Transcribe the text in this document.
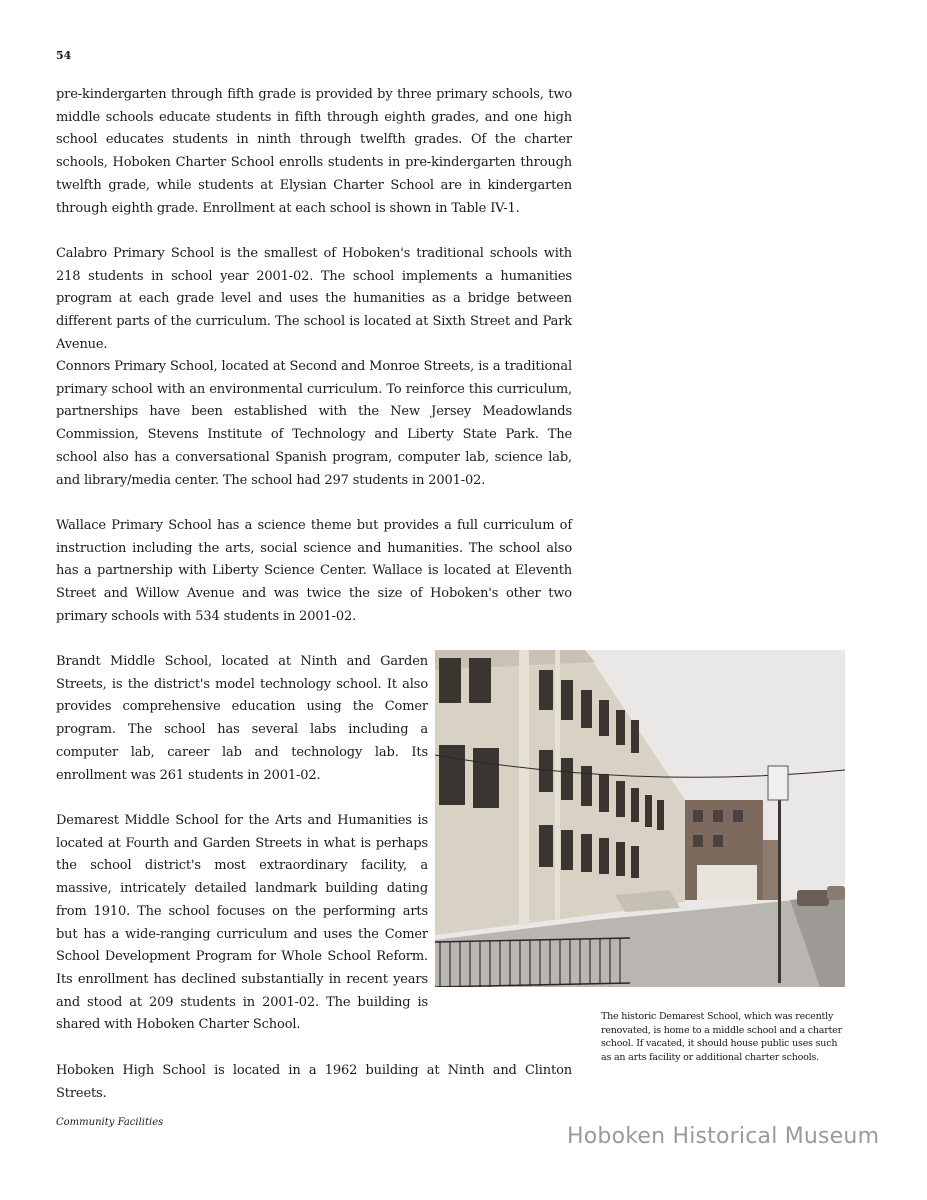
54

pre-kindergarten through fifth grade is provided by three primary schools, two middle schools educate students in fifth through eighth grades, and one high school educates students in ninth through twelfth grades. Of the charter schools, Hoboken Charter School enrolls students in pre-kindergarten through twelfth grade, while students at Elysian Charter School are in kindergarten through eighth grade. Enrollment at each school is shown in Table IV-1.

Calabro Primary School is the smallest of Hoboken's traditional schools with 218 students in school year 2001-02. The school implements a humanities program at each grade level and uses the humanities as a bridge between different parts of the curriculum. The school is located at Sixth Street and Park Avenue.

Connors Primary School, located at Second and Monroe Streets, is a traditional primary school with an environmental curriculum. To reinforce this curriculum, partnerships have been established with the New Jersey Meadowlands Commission, Stevens Institute of Technology and Liberty State Park. The school also has a conversational Spanish program, computer lab, science lab, and library/media center. The school had 297 students in 2001-02.

Wallace Primary School has a science theme but provides a full curriculum of instruction including the arts, social science and humanities. The school also has a partnership with Liberty Science Center. Wallace is located at Eleventh Street and Willow Avenue and was twice the size of Hoboken's other two primary schools with 534 students in 2001-02.

Brandt Middle School, located at Ninth and Garden Streets, is the district's model technology school. It also provides comprehensive education using the Comer program. The school has several labs including a computer lab, career lab and technology lab. Its enrollment was 261 students in 2001-02.

Demarest Middle School for the Arts and Humanities is located at Fourth and Garden Streets in what is perhaps the school district's most extraordinary facility, a massive, intricately detailed landmark building dating from 1910. The school focuses on the performing arts but has a wide-ranging curriculum and uses the Comer School Development Program for Whole School Reform. Its enrollment has declined substantially in recent years and stood at 209 students in 2001-02. The building is shared with Hoboken Charter School.

Hoboken High School is located in a 1962 building at Ninth and Clinton Streets.

The historic Demarest School, which was recently renovated, is home to a middle school and a charter school. If vacated, it should house public uses such as an arts facility or additional charter schools.

Community Facilities
Hoboken Historical Museum
